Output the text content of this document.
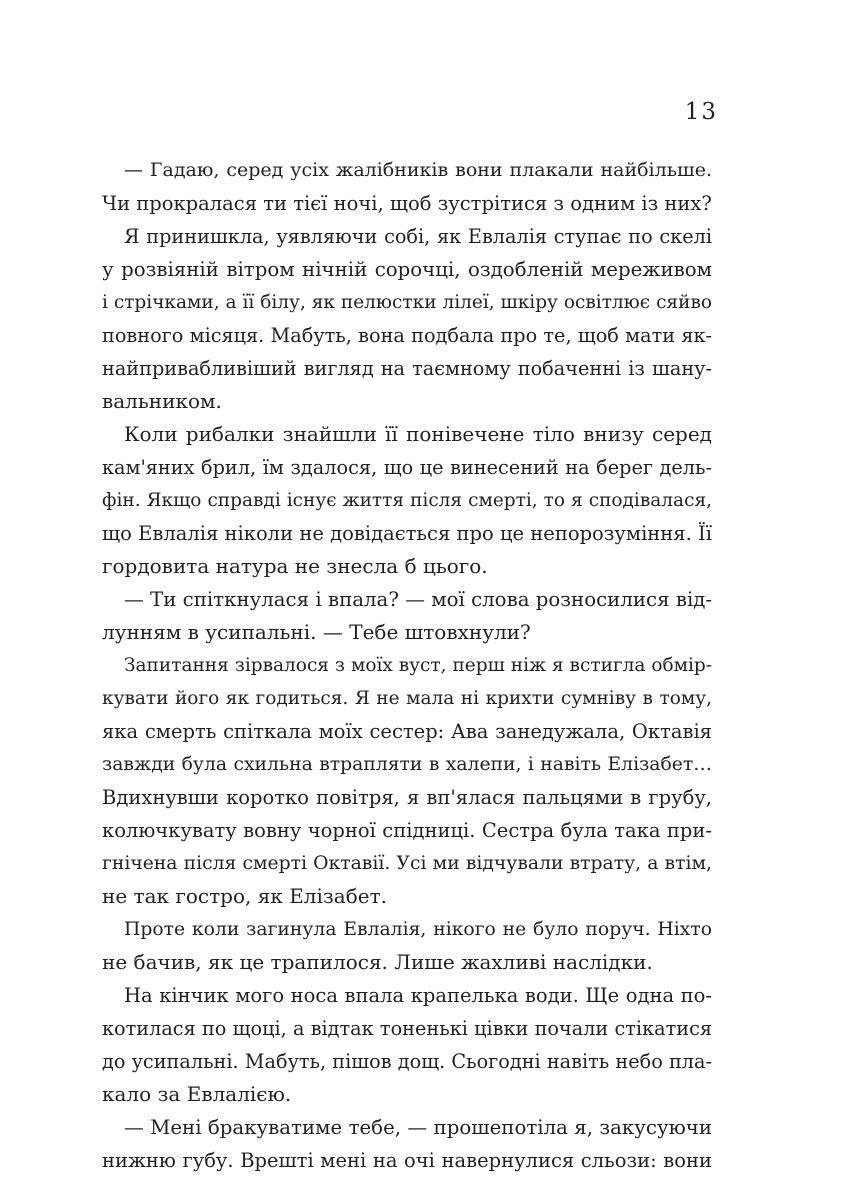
13

— Гадаю, серед усіх жалібників вони плакали найбільше.
Чи прокралася ти тієї ночі, щоб зустрітися з одним із них?

Я принишкла, уявляючи собі, як Евлалія ступає по скелі
у розвіяній вітром нічній сорочці, оздобленій мереживом
і стрічками, а її білу, як пелюстки лілеї, шкіру освітлює сяйво
повного місяця. Мабуть, вона подбала про те, щоб мати як-
найпривабливіший вигляд на таємному побаченні із шану-
вальником.

Коли рибалки знайшли її понівечене тіло внизу серед
кам'яних брил, їм здалося, що це винесений на берег дель-
фін. Якщо справді існує життя після смерті, то я сподівалася,
що Евлалія ніколи не довідається про це непорозуміння. Її
гордовита натура не знесла б цього.

— Ти спіткнулася і впала? — мої слова розносилися від-
лунням в усипальні. — Тебе штовхнули?

Запитання зірвалося з моїх вуст, перш ніж я встигла обмір-
кувати його як годиться. Я не мала ні крихти сумніву в тому,
яка смерть спіткала моїх сестер: Ава занедужала, Октавія
завжди була схильна втрапляти в халепи, і навіть Елізабет…
Вдихнувши коротко повітря, я вп'ялася пальцями в грубу,
колючкувату вовну чорної спідниці. Сестра була така при-
гнічена після смерті Октавії. Усі ми відчували втрату, а втім,
не так гостро, як Елізабет.

Проте коли загинула Евлалія, нікого не було поруч. Ніхто
не бачив, як це трапилося. Лише жахливі наслідки.

На кінчик мого носа впала крапелька води. Ще одна по-
котилася по щоці, а відтак тоненькі цівки почали стікатися
до усипальні. Мабуть, пішов дощ. Сьогодні навіть небо пла-
кало за Евлалією.

— Мені бракуватиме тебе, — прошепотіла я, закусуючи
нижню губу. Врешті мені на очі навернулися сльози: вони
